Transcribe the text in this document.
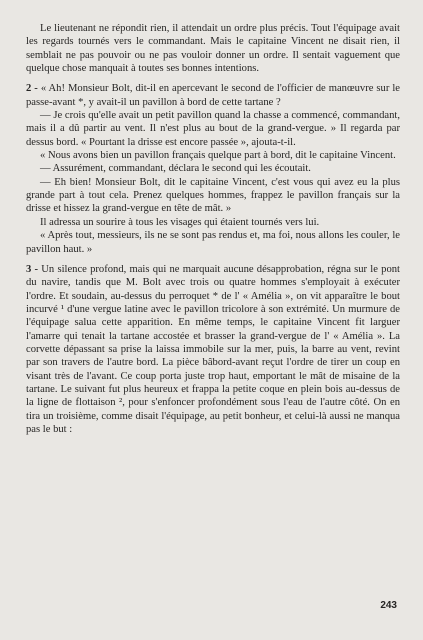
Le lieutenant ne répondit rien, il attendait un ordre plus précis. Tout l'équipage avait les regards tournés vers le commandant. Mais le capitaine Vincent ne disait rien, il semblait ne pas pouvoir ou ne pas vouloir donner un ordre. Il sentait vaguement que quelque chose manquait à toutes ses bonnes intentions.

2 - « Ah! Monsieur Bolt, dit-il en apercevant le second de l'officier de manœuvre sur le passe-avant *, y avait-il un pavillon à bord de cette tartane ?

— Je crois qu'elle avait un petit pavillon quand la chasse a commencé, commandant, mais il a dû partir au vent. Il n'est plus au bout de la grand-vergue. » Il regarda par dessus bord. « Pourtant la drisse est encore passée », ajouta-t-il.

« Nous avons bien un pavillon français quelque part à bord, dit le capitaine Vincent.

— Assurément, commandant, déclara le second qui les écoutait.

— Eh bien! Monsieur Bolt, dit le capitaine Vincent, c'est vous qui avez eu la plus grande part à tout cela. Prenez quelques hommes, frappez le pavillon français sur la drisse et hissez la grand-vergue en tête de mât. »

Il adressa un sourire à tous les visages qui étaient tournés vers lui.

« Après tout, messieurs, ils ne se sont pas rendus et, ma foi, nous allons les couler, le pavillon haut. »

3 - Un silence profond, mais qui ne marquait aucune désapprobation, régna sur le pont du navire, tandis que M. Bolt avec trois ou quatre hommes s'employait à exécuter l'ordre. Et soudain, au-dessus du perroquet * de l' « Amélia », on vit apparaître le bout incurvé ¹ d'une vergue latine avec le pavillon tricolore à son extrémité. Un murmure de l'équipage salua cette apparition. En même temps, le capitaine Vincent fit larguer l'amarre qui tenait la tartane accostée et brasser la grand-vergue de l' « Amélia ». La corvette dépassant sa prise la laissa immobile sur la mer, puis, la barre au vent, revint par son travers de l'autre bord. La pièce bâbord-avant reçut l'ordre de tirer un coup en visant très de l'avant. Ce coup porta juste trop haut, emportant le mât de misaine de la tartane. Le suivant fut plus heureux et frappa la petite coque en plein bois au-dessus de la ligne de flottaison ², pour s'enfoncer profondément sous l'eau de l'autre côté. On en tira un troisième, comme disait l'équipage, au petit bonheur, et celui-là aussi ne manqua pas le but :

243
